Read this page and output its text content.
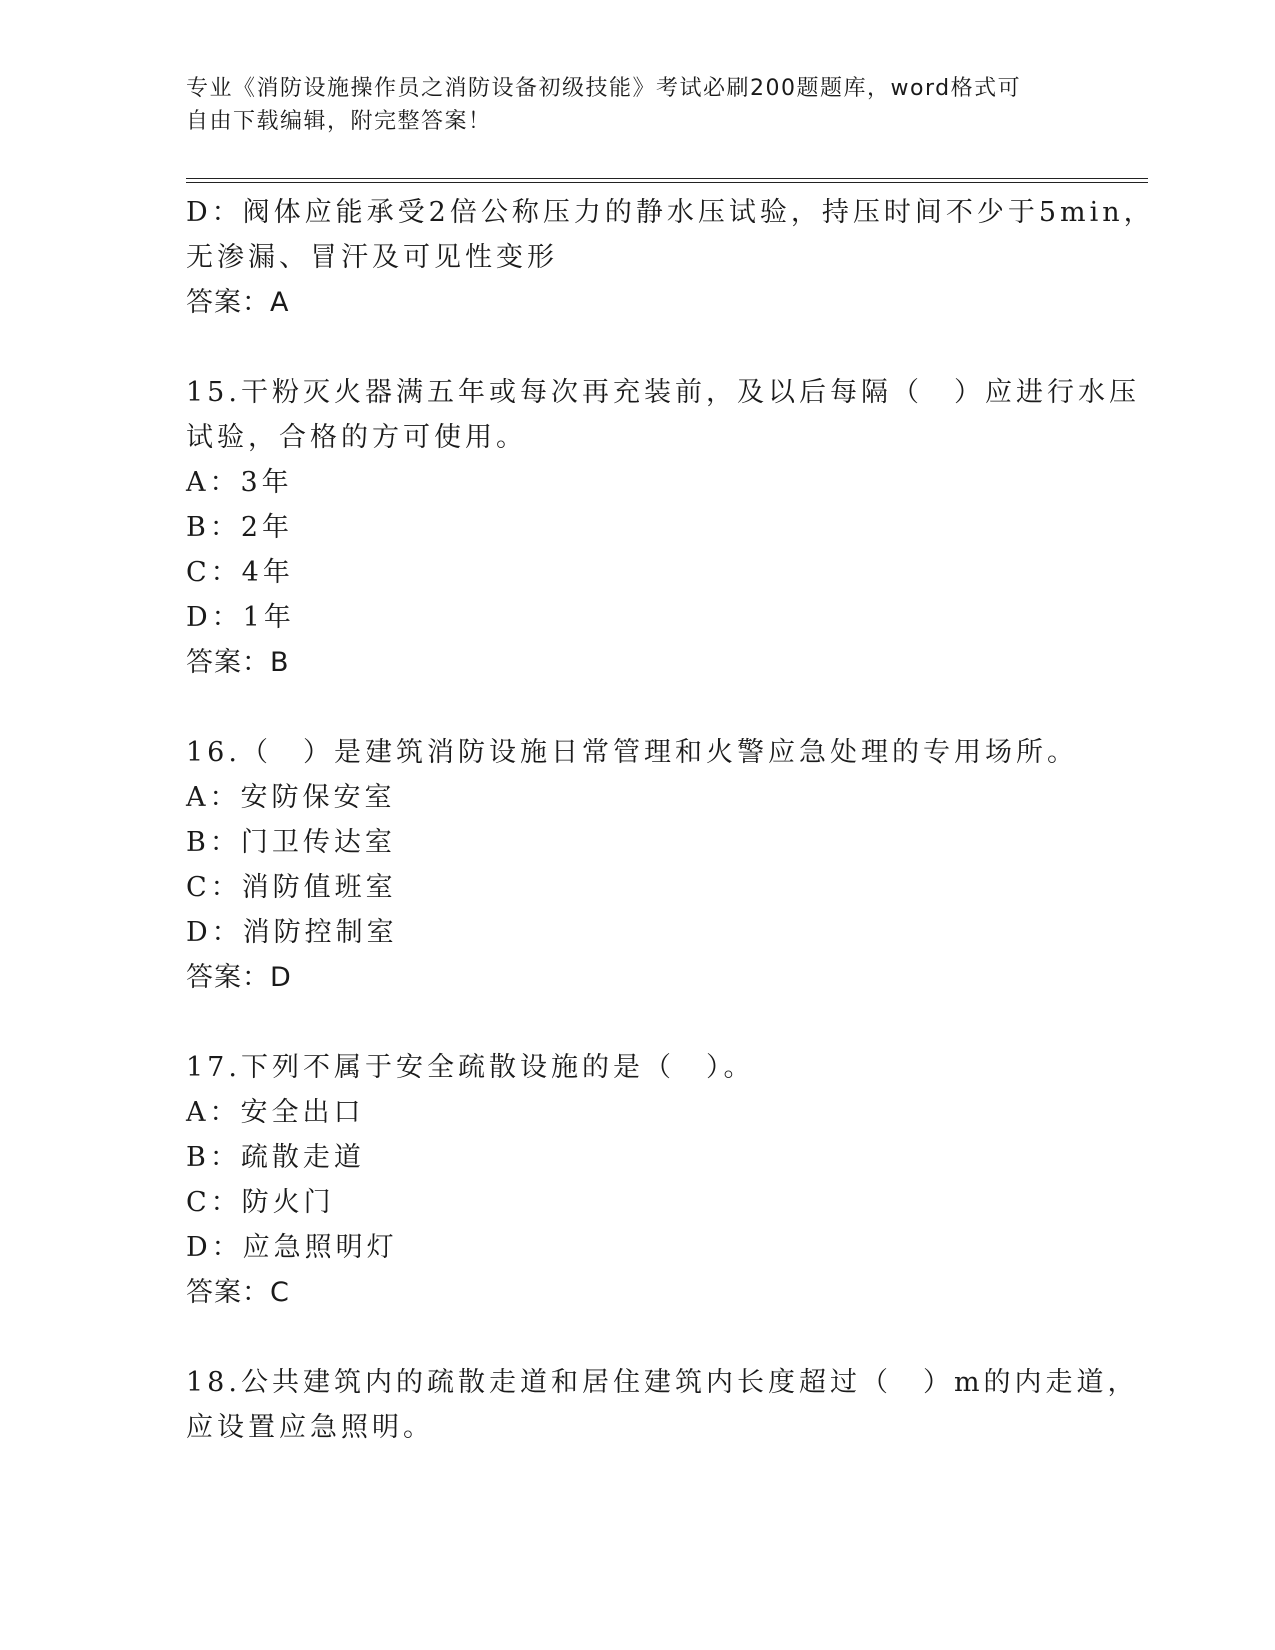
专业《消防设施操作员之消防设备初级技能》考试必刷200题题库，word格式可
自由下载编辑，附完整答案！
D：阀体应能承受2倍公称压力的静水压试验，持压时间不少于5min，
无渗漏、冒汗及可见性变形
答案：A
15.干粉灭火器满五年或每次再充装前，及以后每隔（　）应进行水压
试验，合格的方可使用。
A：3年
B：2年
C：4年
D：1年
答案：B
16.（　）是建筑消防设施日常管理和火警应急处理的专用场所。
A：安防保安室
B：门卫传达室
C：消防值班室
D：消防控制室
答案：D
17.下列不属于安全疏散设施的是（　）。
A：安全出口
B：疏散走道
C：防火门
D：应急照明灯
答案：C
18.公共建筑内的疏散走道和居住建筑内长度超过（　）m的内走道，
应设置应急照明。
